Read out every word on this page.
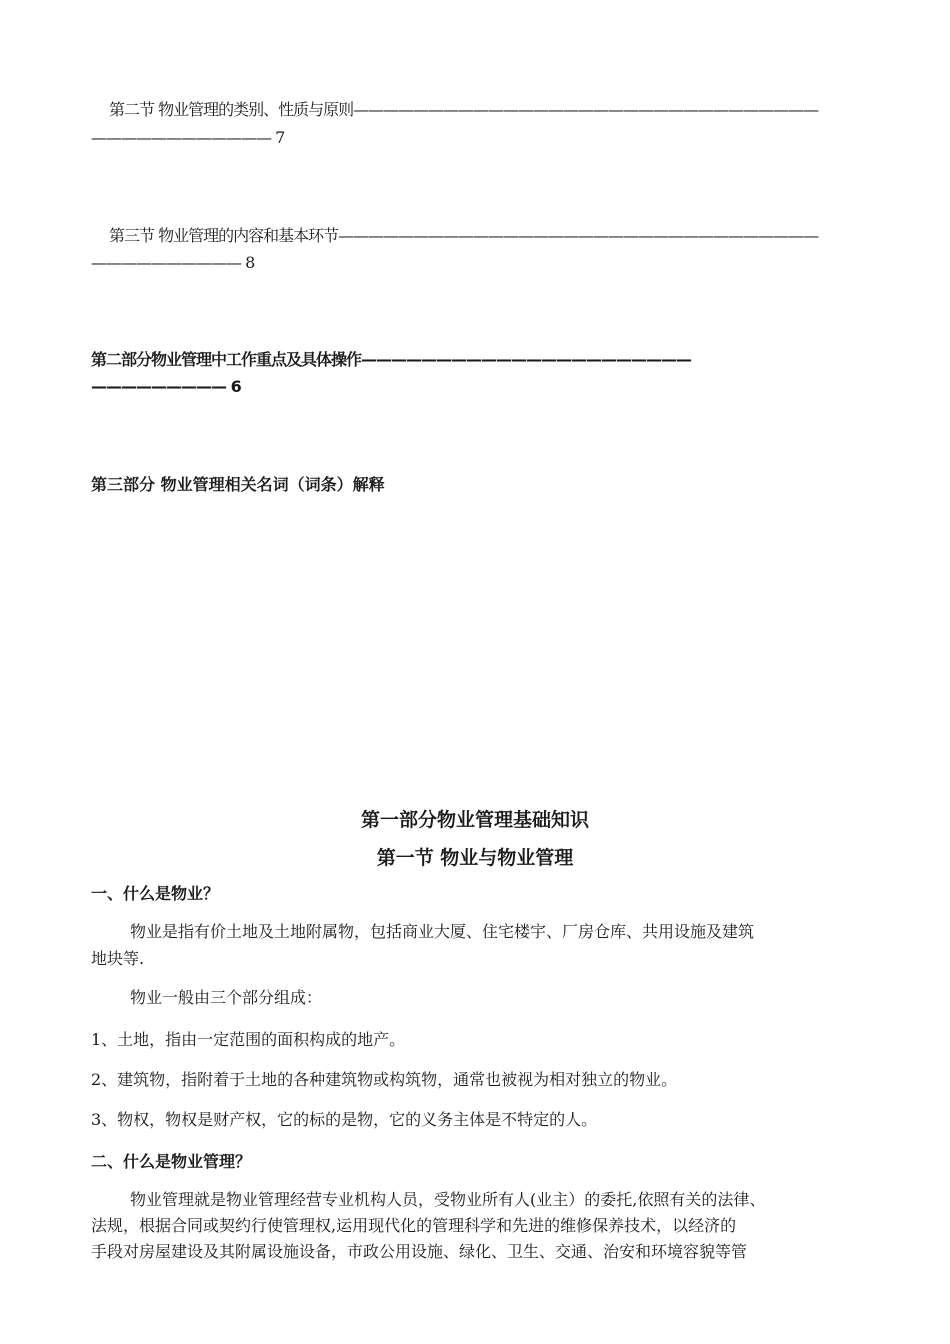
第二节 物业管理的类别、性质与原则———————————————————————————————
———————————— 7
第三节 物业管理的内容和基本环节————————————————————————————————
—————————— 8
第二部分物业管理中工作重点及具体操作——————————————————————
————————— 6
第三部分 物业管理相关名词（词条）解释
第一部分物业管理基础知识
第一节 物业与物业管理
一、什么是物业？
物业是指有价土地及土地附属物，包括商业大厦、住宅楼宇、厂房仓库、共用设施及建筑
地块等.
物业一般由三个部分组成：
1、土地，指由一定范围的面积构成的地产。
2、建筑物，指附着于土地的各种建筑物或构筑物，通常也被视为相对独立的物业。
3、物权，物权是财产权，它的标的是物，它的义务主体是不特定的人。
二、什么是物业管理？
物业管理就是物业管理经营专业机构人员，受物业所有人(业主）的委托,依照有关的法律、
法规，根据合同或契约行使管理权,运用现代化的管理科学和先进的维修保养技术，以经济的
手段对房屋建设及其附属设施设备，市政公用设施、绿化、卫生、交通、治安和环境容貌等管
